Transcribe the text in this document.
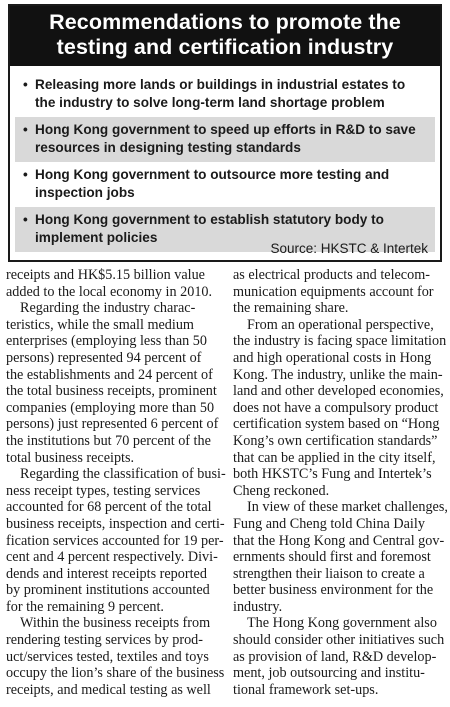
Recommendations to promote the
testing and certification industry
• Releasing more lands or buildings in industrial estates to
the industry to solve long-term land shortage problem
• Hong Kong government to speed up efforts in R&D to save
resources in designing testing standards
• Hong Kong government to outsource more testing and
inspection jobs
• Hong Kong government to establish statutory body to
implement policies
Source: HKSTC & Intertek
receipts and HK$5.15 billion value
added to the local economy in 2010.
Regarding the industry charac-
teristics, while the small medium
enterprises (employing less than 50
persons) represented 94 percent of
the establishments and 24 percent of
the total business receipts, prominent
companies (employing more than 50
persons) just represented 6 percent of
the institutions but 70 percent of the
total business receipts.
Regarding the classification of busi-
ness receipt types, testing services
accounted for 68 percent of the total
business receipts, inspection and certi-
fication services accounted for 19 per-
cent and 4 percent respectively. Divi-
dends and interest receipts reported
by prominent institutions accounted
for the remaining 9 percent.
Within the business receipts from
rendering testing services by prod-
uct/services tested, textiles and toys
occupy the lion’s share of the business
receipts, and medical testing as well
as electrical products and telecom-
munication equipments account for
the remaining share.
From an operational perspective,
the industry is facing space limitation
and high operational costs in Hong
Kong. The industry, unlike the main-
land and other developed economies,
does not have a compulsory product
certification system based on “Hong
Kong’s own certification standards”
that can be applied in the city itself,
both HKSTC’s Fung and Intertek’s
Cheng reckoned.
In view of these market challenges,
Fung and Cheng told China Daily
that the Hong Kong and Central gov-
ernments should first and foremost
strengthen their liaison to create a
better business environment for the
industry.
The Hong Kong government also
should consider other initiatives such
as provision of land, R&D develop-
ment, job outsourcing and institu-
tional framework set-ups.
